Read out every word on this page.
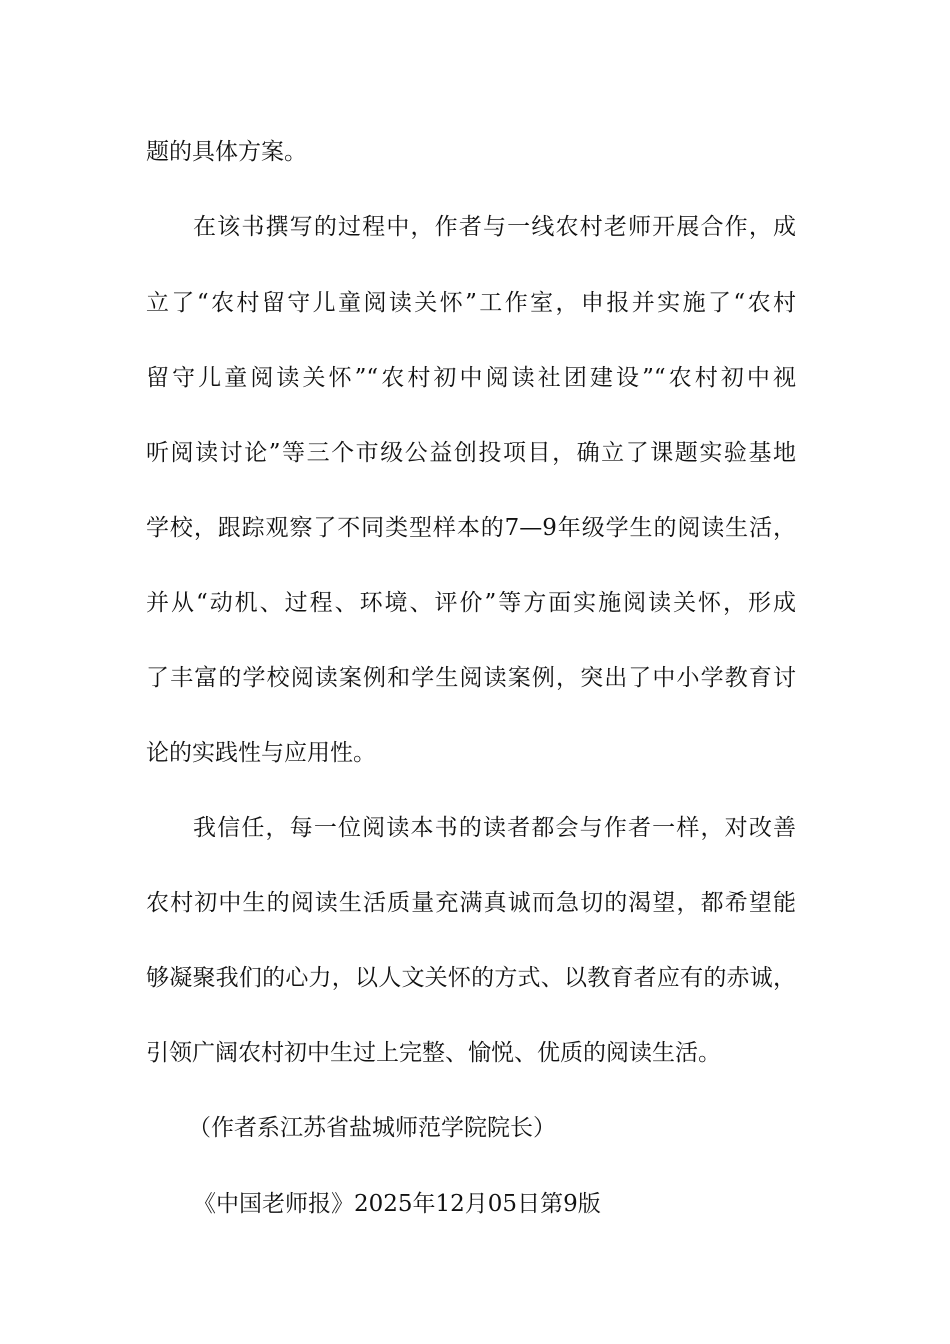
题的具体方案。
在该书撰写的过程中，作者与一线农村老师开展合作，成
立了“农村留守儿童阅读关怀”工作室，申报并实施了“农村
留守儿童阅读关怀”“农村初中阅读社团建设”“农村初中视
听阅读讨论”等三个市级公益创投项目，确立了课题实验基地
学校，跟踪观察了不同类型样本的7—9年级学生的阅读生活，
并从“动机、过程、环境、评价”等方面实施阅读关怀，形成
了丰富的学校阅读案例和学生阅读案例，突出了中小学教育讨
论的实践性与应用性。
我信任，每一位阅读本书的读者都会与作者一样，对改善
农村初中生的阅读生活质量充满真诚而急切的渴望，都希望能
够凝聚我们的心力，以人文关怀的方式、以教育者应有的赤诚，
引领广阔农村初中生过上完整、愉悦、优质的阅读生活。
（作者系江苏省盐城师范学院院长）
《中国老师报》2025年12月05日第9版
